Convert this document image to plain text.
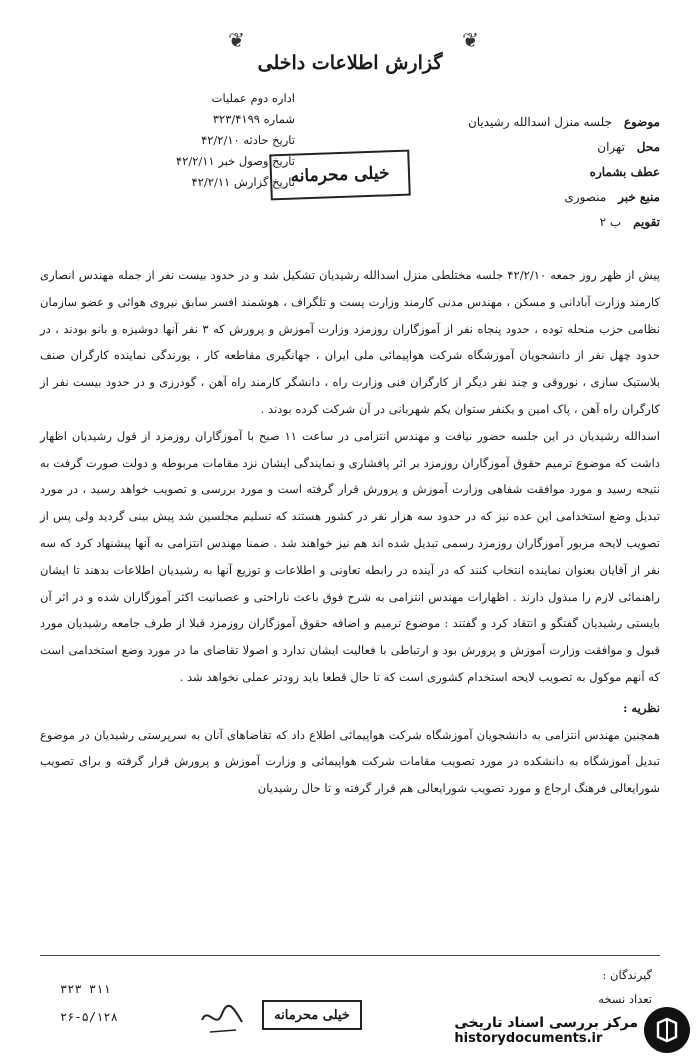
❦	❦
گزارش اطلاعات داخلی
موضوع جلسه منزل اسدالله رشیدیان
محل تهران
عطف بشماره
منبع خبر منصوری
تقویم ب ۲
اداره دوم عملیات
شماره ۳۲۳/۴۱۹۹
تاریخ حادثه ۴۲/۲/۱۰
تاریخ وصول خبر ۴۲/۲/۱۱
تاریخ گزارش ۴۲/۲/۱۱	خیلی محرمانه

پیش از ظهر روز جمعه ۴۲/۲/۱۰ جلسه مختلطی منزل اسدالله رشیدیان تشکیل شد و در حدود بیست نفر از جمله مهندس انصاری کارمند وزارت آبادانی و مسکن ، مهندس مدنی کارمند وزارت پست و تلگراف ، هوشمند افسر سابق نیروی هوائی و عضو سازمان نظامی حزب منحله توده ، حدود پنجاه نفر از آموزگاران روزمزد وزارت آموزش و پرورش که ۳ نفر آنها دوشیزه و بانو بودند ، در حدود چهل نفر از دانشجویان آموزشگاه شرکت هواپیمائی ملی ایران ، جهانگیری مقاطعه کار ، یورندگی نماینده کارگران صنف بلاستیک سازی ، نوروقی و چند نفر دیگر از کارگران فنی وزارت راه ، دانشگر کارمند راه آهن ، گودرزی و در حدود بیست نفر از کارگران راه آهن ، پاک امین و یکنفر ستوان یکم شهربانی در آن شرکت کرده بودند .

اسدالله رشیدیان در این جلسه حضور نیافت و مهندس انتزامی در ساعت ۱۱ صبح با آموزگاران روزمزد از قول رشیدیان اظهار داشت که موضوع ترمیم حقوق آموزگاران روزمزد بر اثر پافشاری و نمایندگی ایشان نزد مقامات مربوطه و دولت صورت گرفت به نتیجه رسید و مورد موافقت شفاهی وزارت آموزش و پرورش قرار گرفته است و مورد بررسی و تصویب خواهد رسید ، در مورد تبدیل وضع استخدامی این عده نیز که در حدود سه هزار نفر در کشور هستند که تسلیم مجلسین شد پیش بینی گردید ولی پس از تصویب لایحه مزبور آموزگاران روزمزد رسمی تبدیل شده اند هم نیز خواهند شد . ضمنا مهندس انتزامی به آنها پیشنهاد کرد که سه نفر از آقایان بعنوان نماینده انتخاب کنند که در آینده در رابطه تعاونی و اطلاعات و توزیع آنها به رشیدیان اطلاعات بدهند تا ایشان راهنمائی لازم را مبذول دارند . اظهارات مهندس انتزامی به شرح فوق باعث ناراحتی و عصبانیت اکثر آموزگاران شده و در اثر آن بایستی رشیدیان گفتگو و انتقاد کرد و گفتند : موضوع ترمیم و اضافه حقوق آموزگاران روزمزد قبلا از طرف جامعه رشیدیان مورد قبول و موافقت وزارت آموزش و پرورش بود و ارتباطی با فعالیت ایشان ندارد و اصولا تقاضای ما در مورد وضع استخدامی است که آنهم موکول به تصویب لایحه استخدام کشوری است که تا حال قطعا باید زودتر عملی نخواهد شد .

نظریه :

همچنین مهندس انتزامی به دانشجویان آموزشگاه شرکت هواپیمائی اطلاع داد که تقاضاهای آنان به سرپرستی رشیدیان در موضوع تبدیل آموزشگاه به دانشکده در مورد تصویب مقامات شرکت هواپیمائی و وزارت آموزش و پرورش قرار گرفته و برای تصویب شورایعالی فرهنگ ارجاع و مورد تصویب شورایعالی هم قرار گرفته و تا حال رشیدیان

گیرندگان :
تعداد نسخه
۳۲۳ ۳۱۱
۲۶-۵/۱۲۸	خیلی محرمانه	مرکز بررسی اسناد تاریخی
historydocuments.ir
